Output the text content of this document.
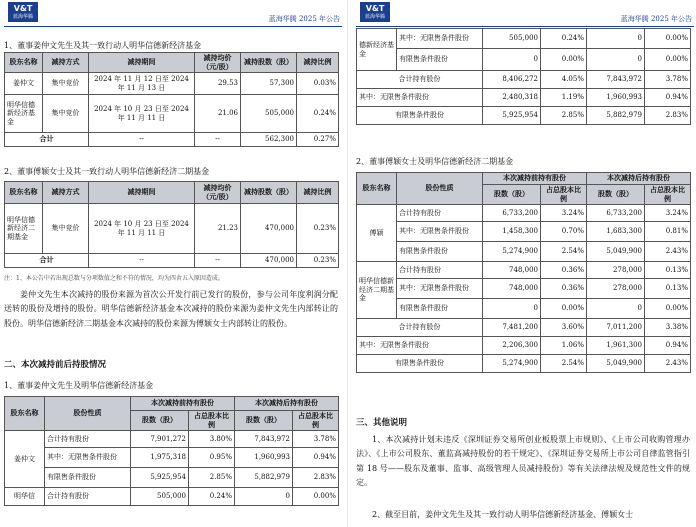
V&T
蓝海华腾	蓝海华腾 2025 年公告

1、董事姜仲文先生及其一致行动人明华信德新经济基金

股东名称	减持方式	减持期间	减持均价（元/股）	减持股数（股）	减持比例
姜仲文	集中竞价	2024 年 11 月 12 日至 2024 年 11 月 13 日	29.53	57,300	0.03%
明华信德新经济基金	集中竞价	2024 年 10 月 23 日至 2024 年 11 月 11 日	21.06	505,000	0.24%
合计		--	--	562,300	0.27%

2、董事傅颖女士及其一致行动人明华信德新经济二期基金

股东名称	减持方式	减持期间	减持均价（元/股）	减持股数（股）	减持比例
明华信德新经济二期基金	集中竞价	2024 年 10 月 23 日至 2024 年 11 月 11 日	21.23	470,000	0.23%
合计		--	--	470,000	0.23%
注：1、本公告中若出现总数与分项数值之和不符的情况，均为四舍五入原因造成。

姜仲文先生本次减持的股份来源为首次公开发行前已发行的股份，参与公司年度利润分配送转的股份及增持的股份。明华信德新经济基金本次减持的股份来源为姜仲文先生内部转让的股份。明华信德新经济二期基金本次减持的股份来源为傅颖女士内部转让的股份。

二、本次减持前后持股情况

1、董事姜仲文先生及明华信德新经济基金

股东名称	股份性质	本次减持前持有股份		本次减持后持有股份	
		股数（股）	占总股本比例	股数（股）	占总股本比例
姜仲文	合计持有股份	7,901,272	3.80%	7,843,972	3.78%
	其中：无限售条件股份	1,975,318	0.95%	1,960,993	0.94%
	有限售条件股份	5,925,954	2.85%	5,882,979	2.83%
明华信	合计持有股份	505,000	0.24%	0	0.00%
V&T
蓝海华腾	蓝海华腾 2025 年公告
德新经济基金	其中：无限售条件股份	505,000	0.24%	0	0.00%
	有限售条件股份	0	0.00%	0	0.00%
合计持有股份		8,406,272	4.05%	7,843,972	3.78%
其中：无限售条件股份		2,480,318	1.19%	1,960,993	0.94%
有限售条件股份		5,925,954	2.85%	5,882,979	2.83%

2、董事傅颖女士及明华信德新经济二期基金

股东名称	股份性质	本次减持前持有股份		本次减持后持有股份	
		股数（股）	占总股本比例	股数（股）	占总股本比例
傅颖	合计持有股份	6,733,200	3.24%	6,733,200	3.24%
	其中：无限售条件股份	1,458,300	0.70%	1,683,300	0.81%
	有限售条件股份	5,274,900	2.54%	5,049,900	2.43%
明华信德新经济二期基金	合计持有股份	748,000	0.36%	278,000	0.13%
	其中：无限售条件股份	748,000	0.36%	278,000	0.13%
	有限售条件股份	0	0.00%	0	0.00%
合计持有股份		7,481,200	3.60%	7,011,200	3.38%
其中：无限售条件股份		2,206,300	1.06%	1,961,300	0.94%
有限售条件股份		5,274,900	2.54%	5,049,900	2.43%

三、其他说明

1、本次减持计划未违反《深圳证券交易所创业板股票上市规则》、《上市公司收购管理办法》、《上市公司股东、董监高减持股份的若干规定》、《深圳证券交易所上市公司自律监管指引第 18 号——股东及董事、监事、高级管理人员减持股份》等有关法律法规及规范性文件的规定。

2、截至目前，姜仲文先生及其一致行动人明华信德新经济基金、傅颖女士
